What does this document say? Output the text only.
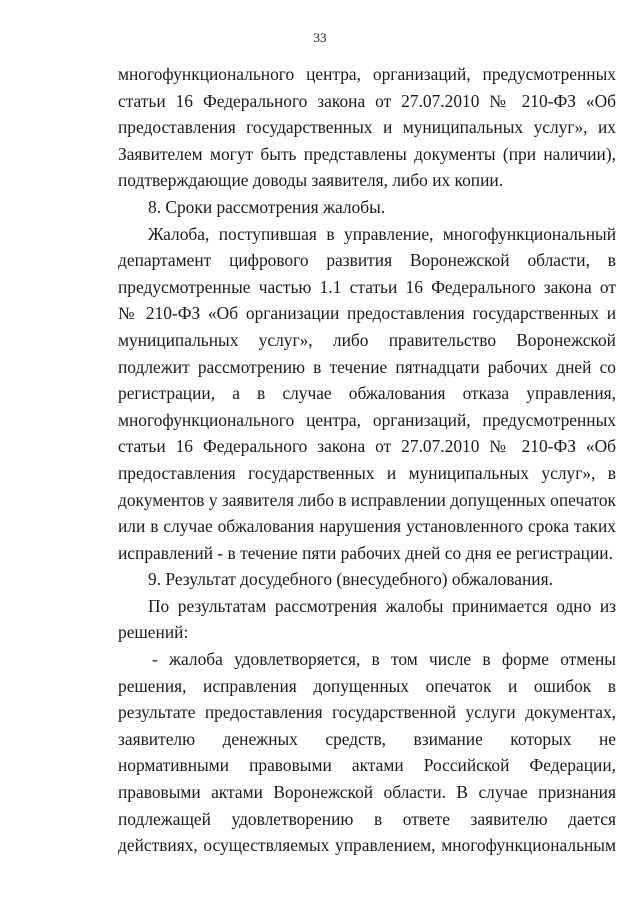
33
многофункционального центра, организаций, предусмотренных
статьи 16 Федерального закона от 27.07.2010 № 210-ФЗ «Об
предоставления государственных и муниципальных услуг», их
Заявителем могут быть представлены документы (при наличии),
подтверждающие доводы заявителя, либо их копии.
8. Сроки рассмотрения жалобы.
Жалоба, поступившая в управление, многофункциональный
департамент цифрового развития Воронежской области, в
предусмотренные частью 1.1 статьи 16 Федерального закона от
№ 210-ФЗ «Об организации предоставления государственных и
муниципальных услуг», либо правительство Воронежской
подлежит рассмотрению в течение пятнадцати рабочих дней со
регистрации, а в случае обжалования отказа управления,
многофункционального центра, организаций, предусмотренных
статьи 16 Федерального закона от 27.07.2010 № 210-ФЗ «Об
предоставления государственных и муниципальных услуг», в
документов у заявителя либо в исправлении допущенных опечаток
или в случае обжалования нарушения установленного срока таких
исправлений - в течение пяти рабочих дней со дня ее регистрации.
9. Результат досудебного (внесудебного) обжалования.
По результатам рассмотрения жалобы принимается одно из
решений:
- жалоба удовлетворяется, в том числе в форме отмены
решения, исправления допущенных опечаток и ошибок в
результате предоставления государственной услуги документах,
заявителю денежных средств, взимание которых не
нормативными правовыми актами Российской Федерации,
правовыми актами Воронежской области. В случае признания
подлежащей удовлетворению в ответе заявителю дается
действиях, осуществляемых управлением, многофункциональным
